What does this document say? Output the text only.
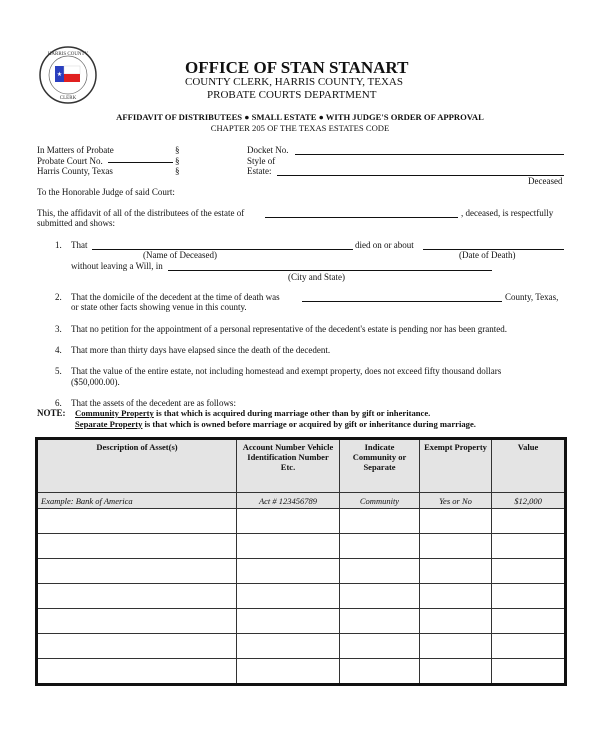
★
HARRIS COUNTY
CLERK
OFFICE OF STAN STANART
COUNTY CLERK, HARRIS COUNTY, TEXAS
PROBATE COURTS DEPARTMENT
AFFIDAVIT OF DISTRIBUTEES ● SMALL ESTATE ● WITH JUDGE'S ORDER OF APPROVAL
CHAPTER 205 OF THE TEXAS ESTATES CODE
In Matters of Probate
Probate Court No.
Harris County, Texas
§
§
§
Docket No.
Style of
Estate:
Deceased
To the Honorable Judge of said Court:
This, the affidavit of all of the distributees of the estate of	, deceased, is respectfully
submitted and shows:
1. That	died on or about
(Name of Deceased)	(Date of Death)
without leaving a Will, in
(City and State)
2. That the domicile of the decedent at the time of death was	County, Texas,
or state other facts showing venue in this county.
3. That no petition for the appointment of a personal representative of the decedent's estate is pending nor has been granted.
4. That more than thirty days have elapsed since the death of the decedent.
5. That the value of the entire estate, not including homestead and exempt property, does not exceed fifty thousand dollars
($50,000.00).
6. That the assets of the decedent are as follows:
NOTE: Community Property is that which is acquired during marriage other than by gift or inheritance.
Separate Property is that which is owned before marriage or acquired by gift or inheritance during marriage.
Description of Asset(s)	Account Number Vehicle Identification Number Etc.	Indicate Community or Separate	Exempt Property	Value
Example: Bank of America	Act # 123456789	Community	Yes or No	$12,000
